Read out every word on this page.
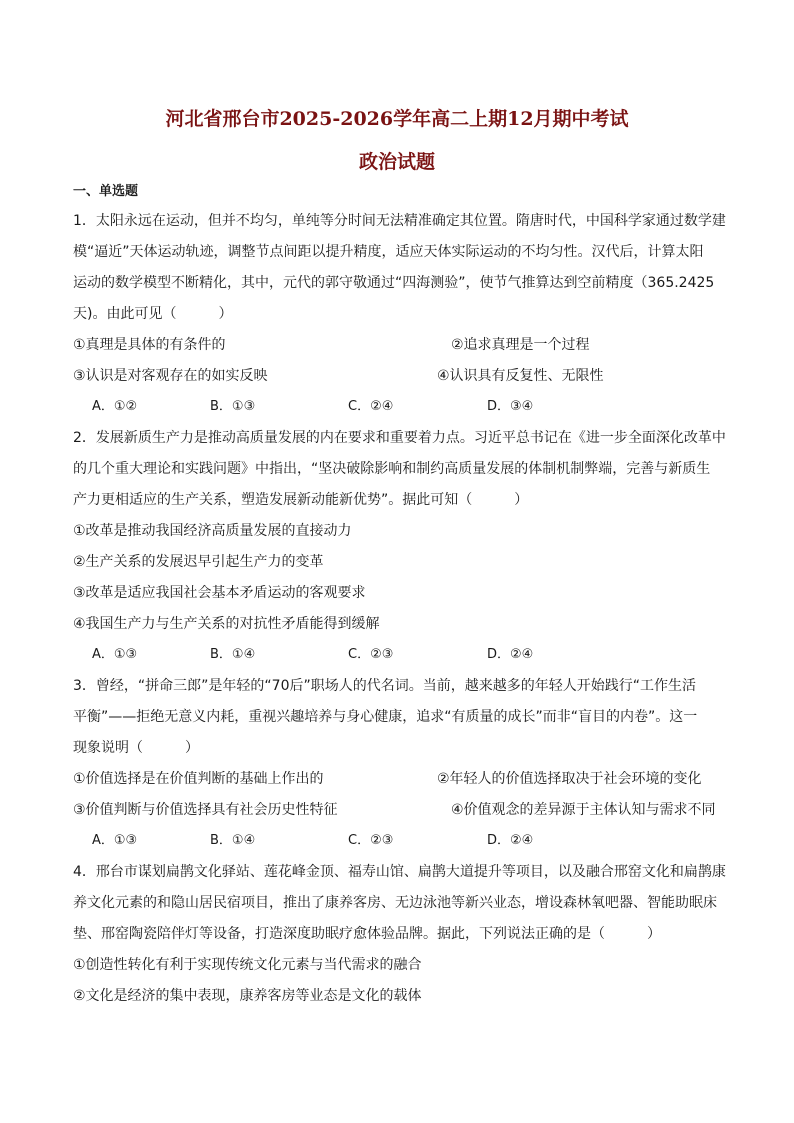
河北省邢台市2025-2026学年高二上期12月期中考试
政治试题
一、单选题
1．太阳永远在运动，但并不均匀，单纯等分时间无法精准确定其位置。隋唐时代，中国科学家通过数学建
模“逼近”天体运动轨迹，调整节点间距以提升精度，适应天体实际运动的不均匀性。汉代后，计算太阳
运动的数学模型不断精化，其中，元代的郭守敬通过“四海测验”，使节气推算达到空前精度（365.2425
天)。由此可见（　　　）
①真理是具体的有条件的	②追求真理是一个过程
③认识是对客观存在的如实反映	④认识具有反复性、无限性
A．①②	B．①③	C．②④	D．③④
2．发展新质生产力是推动高质量发展的内在要求和重要着力点。习近平总书记在《进一步全面深化改革中
的几个重大理论和实践问题》中指出，“坚决破除影响和制约高质量发展的体制机制弊端，完善与新质生
产力更相适应的生产关系，塑造发展新动能新优势”。据此可知（　　　）
①改革是推动我国经济高质量发展的直接动力
②生产关系的发展迟早引起生产力的变革
③改革是适应我国社会基本矛盾运动的客观要求
④我国生产力与生产关系的对抗性矛盾能得到缓解
A．①③	B．①④	C．②③	D．②④
3．曾经，“拼命三郎”是年轻的“70后”职场人的代名词。当前，越来越多的年轻人开始践行“工作生活
平衡”——拒绝无意义内耗，重视兴趣培养与身心健康，追求“有质量的成长”而非“盲目的内卷”。这一
现象说明（　　　）
①价值选择是在价值判断的基础上作出的	②年轻人的价值选择取决于社会环境的变化
③价值判断与价值选择具有社会历史性特征	④价值观念的差异源于主体认知与需求不同
A．①③	B．①④	C．②③	D．②④
4．邢台市谋划扁鹊文化驿站、莲花峰金顶、福寿山馆、扁鹊大道提升等项目，以及融合邢窑文化和扁鹊康
养文化元素的和隐山居民宿项目，推出了康养客房、无边泳池等新兴业态，增设森林氧吧器、智能助眠床
垫、邢窑陶瓷陪伴灯等设备，打造深度助眠疗愈体验品牌。据此，下列说法正确的是（　　　）
①创造性转化有利于实现传统文化元素与当代需求的融合
②文化是经济的集中表现，康养客房等业态是文化的载体
